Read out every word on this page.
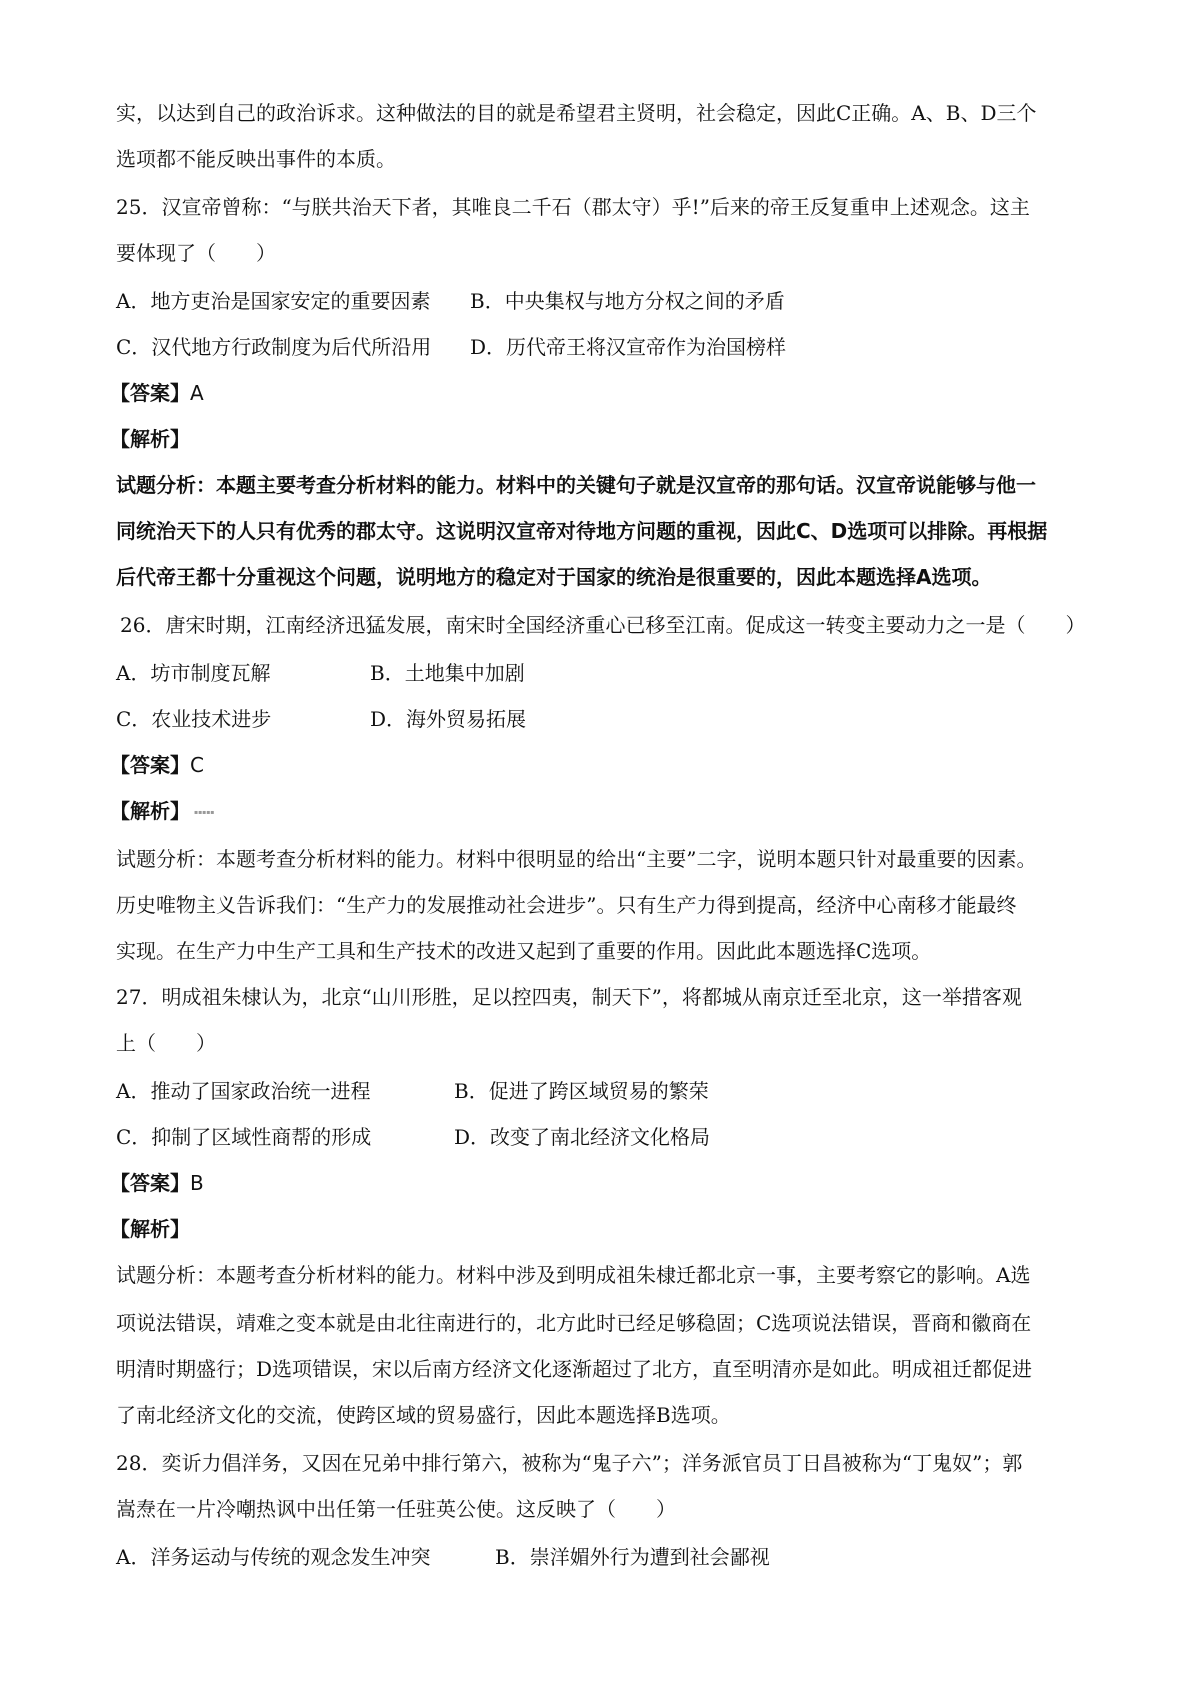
实，以达到自己的政治诉求。这种做法的目的就是希望君主贤明，社会稳定，因此C正确。A、B、D三个
选项都不能反映出事件的本质。
25．汉宣帝曾称：“与朕共治天下者，其唯良二千石（郡太守）乎!”后来的帝王反复重申上述观念。这主
要体现了（　　）
A．地方吏治是国家安定的重要因素 B．中央集权与地方分权之间的矛盾
C．汉代地方行政制度为后代所沿用 D．历代帝王将汉宣帝作为治国榜样
【答案】A
【解析】
试题分析：本题主要考查分析材料的能力。材料中的关键句子就是汉宣帝的那句话。汉宣帝说能够与他一
同统治天下的人只有优秀的郡太守。这说明汉宣帝对待地方问题的重视，因此C、D选项可以排除。再根据
后代帝王都十分重视这个问题，说明地方的稳定对于国家的统治是很重要的，因此本题选择A选项。
26．唐宋时期，江南经济迅猛发展，南宋时全国经济重心已移至江南。促成这一转变主要动力之一是（　　）
A．坊市制度瓦解	B．土地集中加剧
C．农业技术进步	D．海外贸易拓展
【答案】C
【解析】 ▪▪▪▪▪
试题分析：本题考查分析材料的能力。材料中很明显的给出“主要”二字，说明本题只针对最重要的因素。
历史唯物主义告诉我们：“生产力的发展推动社会进步”。只有生产力得到提高，经济中心南移才能最终
实现。在生产力中生产工具和生产技术的改进又起到了重要的作用。因此此本题选择C选项。
27．明成祖朱棣认为，北京“山川形胜，足以控四夷，制天下”，将都城从南京迁至北京，这一举措客观
上（　　）
A．推动了国家政治统一进程	B．促进了跨区域贸易的繁荣
C．抑制了区域性商帮的形成	D．改变了南北经济文化格局
【答案】B
【解析】
试题分析：本题考查分析材料的能力。材料中涉及到明成祖朱棣迁都北京一事，主要考察它的影响。A选
项说法错误，靖难之变本就是由北往南进行的，北方此时已经足够稳固；C选项说法错误，晋商和徽商在
明清时期盛行；D选项错误，宋以后南方经济文化逐渐超过了北方，直至明清亦是如此。明成祖迁都促进
了南北经济文化的交流，使跨区域的贸易盛行，因此本题选择B选项。
28．奕䜣力倡洋务，又因在兄弟中排行第六，被称为“鬼子六”；洋务派官员丁日昌被称为“丁鬼奴”；郭
嵩焘在一片冷嘲热讽中出任第一任驻英公使。这反映了（　　）
A．洋务运动与传统的观念发生冲突	B．崇洋媚外行为遭到社会鄙视
